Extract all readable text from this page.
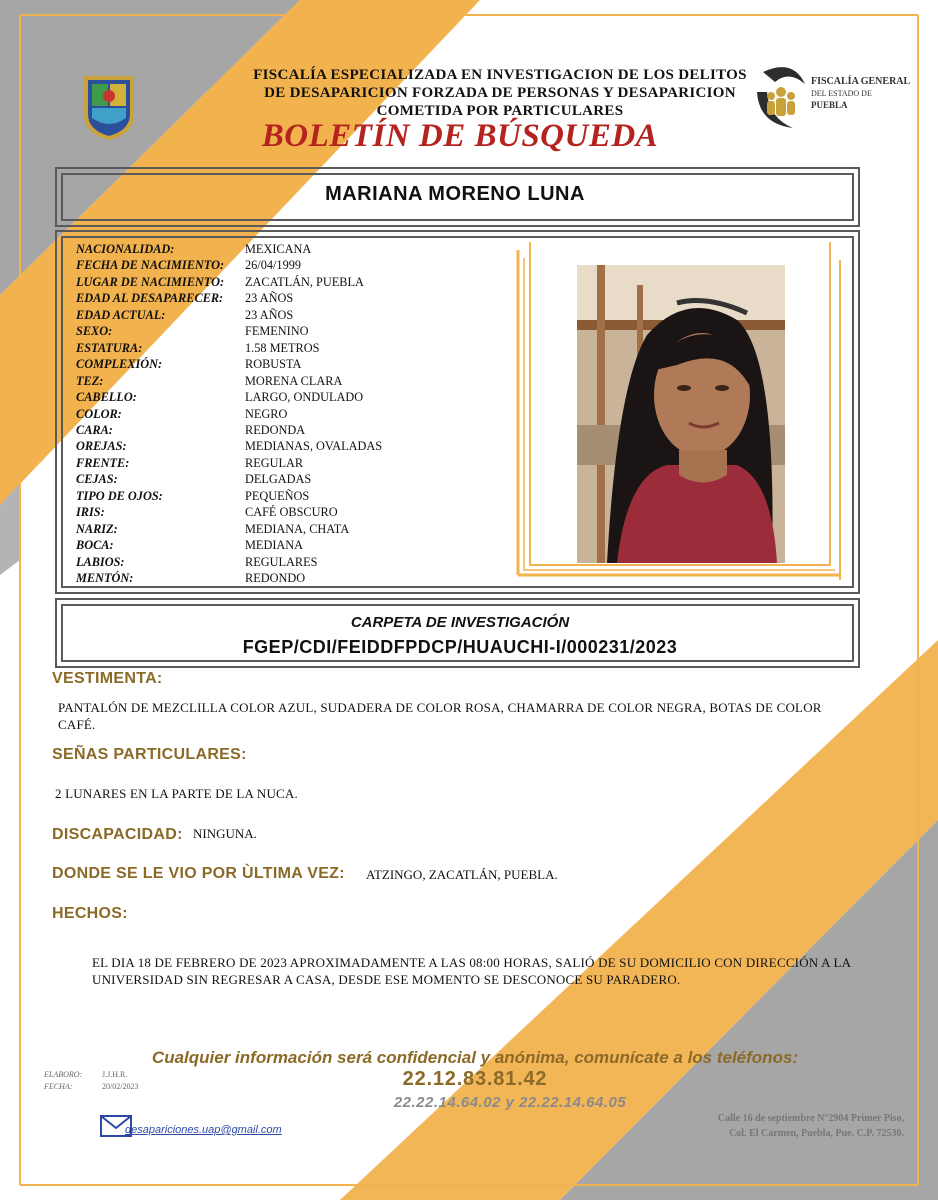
FISCALÍA GENERAL
DEL ESTADO DE
PUEBLA
FISCALÍA ESPECIALIZADA EN INVESTIGACION DE LOS DELITOS
DE DESAPARICION FORZADA DE PERSONAS Y DESAPARICION
COMETIDA POR PARTICULARES
BOLETÍN DE BÚSQUEDA
MARIANA MORENO LUNA
NACIONALIDAD:	MEXICANA
FECHA DE NACIMIENTO: 26/04/1999
LUGAR DE NACIMIENTO: ZACATLÁN, PUEBLA
EDAD AL DESAPARECER: 23 AÑOS
EDAD ACTUAL:	23 AÑOS
SEXO:	FEMENINO
ESTATURA:	1.58 METROS
COMPLEXIÓN:	ROBUSTA
TEZ:	MORENA CLARA
CABELLO:	LARGO, ONDULADO
COLOR:	NEGRO
CARA:	REDONDA
OREJAS:	MEDIANAS, OVALADAS
FRENTE:	REGULAR
CEJAS:	DELGADAS
TIPO DE OJOS:	PEQUEÑOS
IRIS:	CAFÉ OBSCURO
NARIZ:	MEDIANA, CHATA
BOCA:	MEDIANA
LABIOS:	REGULARES
MENTÓN:	REDONDO
CARPETA DE INVESTIGACIÓN
FGEP/CDI/FEIDDFPDCP/HUAUCHI-I/000231/2023
VESTIMENTA:
PANTALÓN DE MEZCLILLA COLOR AZUL, SUDADERA DE COLOR ROSA, CHAMARRA DE COLOR NEGRA, BOTAS DE COLOR CAFÉ.
SEÑAS PARTICULARES:
2 LUNARES EN LA PARTE DE LA NUCA.
DISCAPACIDAD: NINGUNA.
DONDE SE LE VIO POR ÙLTIMA VEZ: ATZINGO, ZACATLÁN, PUEBLA.
HECHOS:
EL DIA 18 DE FEBRERO DE 2023 APROXIMADAMENTE A LAS 08:00 HORAS, SALIÓ DE SU DOMICILIO CON DIRECCIÓN A LA UNIVERSIDAD SIN REGRESAR A CASA, DESDE ESE MOMENTO SE DESCONOCE SU PARADERO.
Cualquier información será confidencial y anónima, comunícate a los teléfonos:
22.12.83.81.42
22.22.14.64.02 y 22.22.14.64.05
ELABORO: J.J.H.R.
FECHA:	20/02/2023
desapariciones.uap@gmail.com
Calle 16 de septiembre N°2904 Primer Piso,
Col. El Carmen, Puebla, Pue. C.P. 72530.
